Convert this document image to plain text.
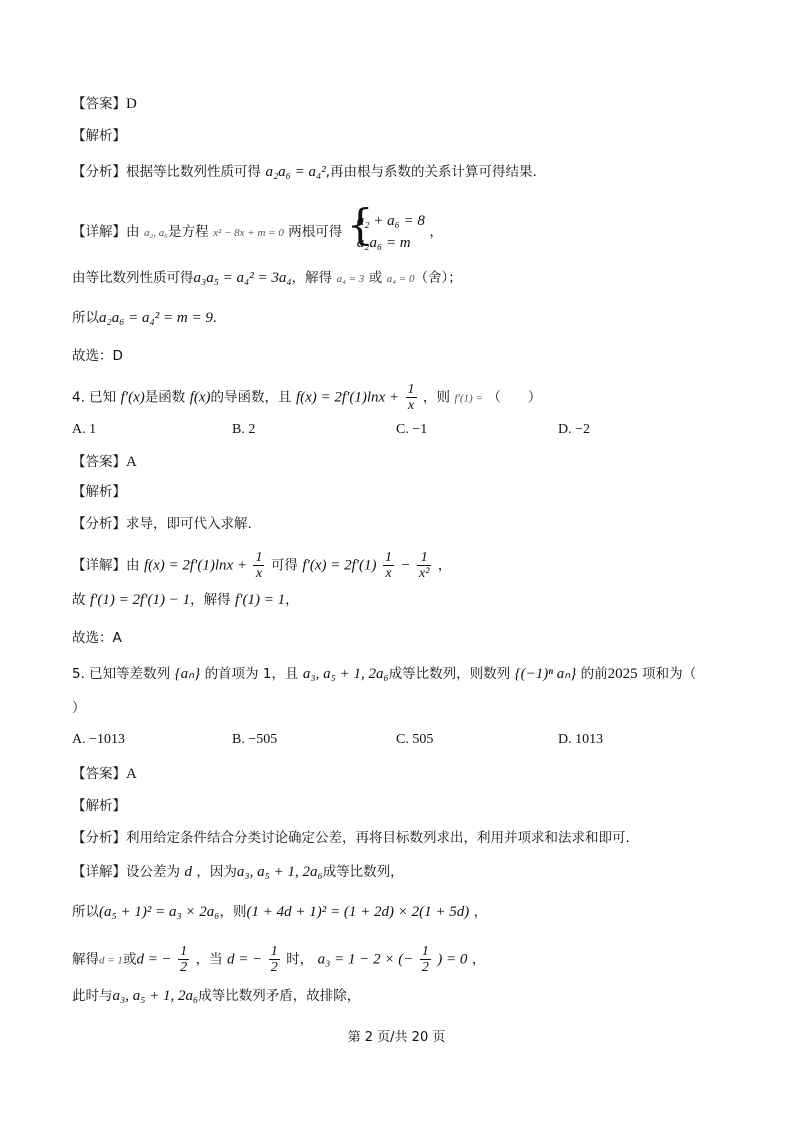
【答案】D
【解析】
【分析】根据等比数列性质可得 a₂a₆ = a₄²,再由根与系数的关系计算可得结果.
【详解】由 a₂, a₆是方程 x² − 8x + m = 0 两根可得 {
a₂ + a₆ = 8
a₂a₆ = m
，
由等比数列性质可得a₃a₅ = a₄² = 3a₄，解得 a₄ = 3 或 a₄ = 0（舍）；
所以a₂a₆ = a₄² = m = 9.
故选：D
4. 已知 f′(x)是函数 f(x)的导函数，且 $f(x) = 2f'(1)\ln x + \frac{1}{x}$ ，则 f′(1) = （　　）
A. 1	B. 2	C. −1	D. −2
【答案】A
【解析】
【分析】求导，即可代入求解.
【详解】由 $f(x) = 2f'(1)\ln x + \frac{1}{x}$ 可得 $f'(x) = 2f'(1) \frac{1}{x} - \frac{1}{\text{x²}}$ ，
故 f′(1) = 2f′(1) − 1，解得 f′(1) = 1，
故选：A
5. 已知等差数列 {aₙ} 的首项为 1，且 a₃, a₅ + 1, 2a₆成等比数列，则数列 {(−1)ⁿ aₙ} 的前2025 项和为（
）
A. −1013	B. −505	C. 505	D. 1013
【答案】A
【解析】
【分析】利用给定条件结合分类讨论确定公差，再将目标数列求出，利用并项求和法求和即可.
【详解】设公差为 d ，因为a₃, a₅ + 1, 2a₆成等比数列，
所以(a₅ + 1)² = a₃ × 2a₆，则(1 + 4d + 1)² = (1 + 2d) × 2(1 + 5d) ，
解得d = 1或d = − $\frac{1}{2}$ ，当 d = − $\frac{1}{2}$ 时， a₃ = 1 − 2 × (− $\frac{1}{2}$ ) = 0 ，
此时与a₃, a₅ + 1, 2a₆成等比数列矛盾，故排除，
第 2 页/共 20 页
